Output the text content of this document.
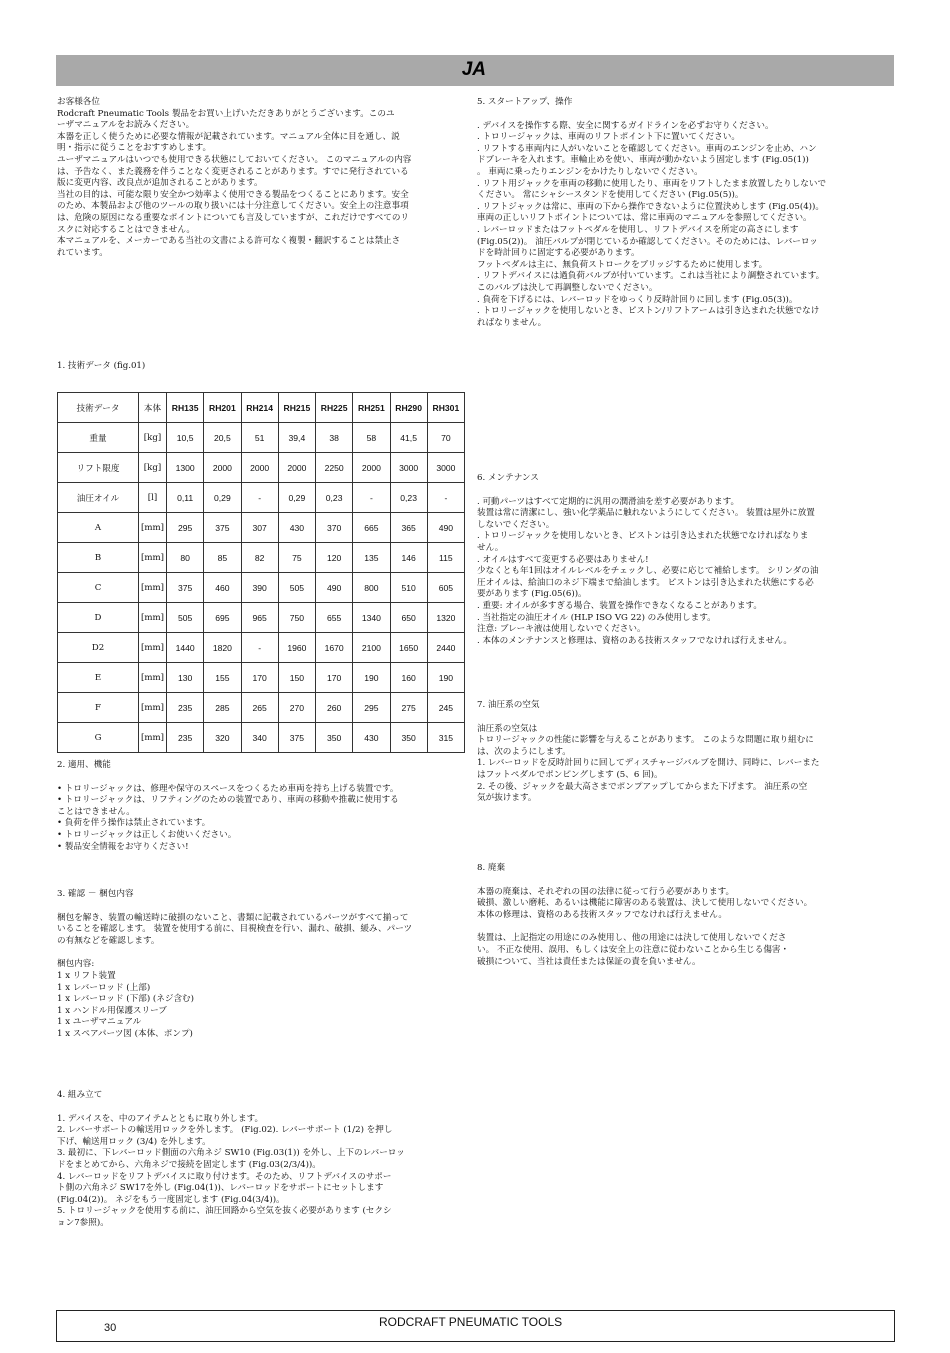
JA

お客様各位

Rodcraft Pneumatic Tools 製品をお買い上げいただきありがとうございます。このユ

ーザマニュアルをお読みください。

本器を正しく使うために必要な情報が記載されています。マニュアル全体に目を通し、説

明・指示に従うことをおすすめします。

ユーザマニュアルはいつでも使用できる状態にしておいてください。 このマニュアルの内容

は、予告なく、また義務を伴うことなく変更されることがあります。すでに発行されている

版に変更内容、改良点が追加されることがあります。

当社の目的は、可能な限り安全かつ効率よく使用できる製品をつくることにあります。安全

のため、本製品および他のツールの取り扱いには十分注意してください。安全上の注意事項

は、危険の原因になる重要なポイントについても言及していますが、これだけですべてのリ

スクに対応することはできません。

本マニュアルを、メーカーである当社の文書による許可なく複製・翻訳することは禁止さ

れています。

1. 技術データ (fig.01)

技術データ	本体	RH135	RH201	RH214	RH215	RH225	RH251	RH290	RH301
重量	[kg]	10,5	20,5	51	39,4	38	58	41,5	70
リフト限度	[kg]	1300	2000	2000	2000	2250	2000	3000	3000
油圧オイル	[l]	0,11	0,29	-	0,29	0,23	-	0,23	-
A	[mm]	295	375	307	430	370	665	365	490
B	[mm]	80	85	82	75	120	135	146	115
C	[mm]	375	460	390	505	490	800	510	605
D	[mm]	505	695	965	750	655	1340	650	1320
D2	[mm]	1440	1820	-	1960	1670	2100	1650	2440
E	[mm]	130	155	170	150	170	190	160	190
F	[mm]	235	285	265	270	260	295	275	245
G	[mm]	235	320	340	375	350	430	350	315

2. 適用、機能

• トロリージャックは、修理や保守のスペースをつくるため車両を持ち上げる装置です。

• トロリージャックは、リフティングのための装置であり、車両の移動や推載に使用する

ことはできません。

• 負荷を伴う操作は禁止されています。

• トロリージャックは正しくお使いください。

• 製品安全情報をお守りください!

3. 確認 － 梱包内容

梱包を解き、装置の輸送時に破損のないこと、書類に記載されているパーツがすべて揃って

いることを確認します。 装置を使用する前に、目視検査を行い、漏れ、破損、緩み、パーツ

の有無などを確認します。

梱包内容:

1 x リフト装置

1 x レバーロッド (上部)

1 x レバーロッド (下部) (ネジ含む)

1 x ハンドル用保護スリーブ

1 x ユーザマニュアル

1 x スペアパーツ図 (本体、ポンプ)

4. 組み立て

1. デバイスを、中のアイテムとともに取り外します。

2. レバーサポートの輸送用ロックを外します。 (Fig.02). レバーサポート (1/2) を押し

下げ、輸送用ロック (3/4) を外します。

3. 最初に、下レバーロッド側面の六角ネジ SW10 (Fig.03(1)) を外し、上下のレバーロッ

ドをまとめてから、六角ネジで接続を固定します (Fig.03(2/3/4))。

4. レバーロッドをリフトデバイスに取り付けます。そのため、リフトデバイスのサポー

ト側の六角ネジ SW17を外し (Fig.04(1))、レバーロッドをサポートにセットします

(Fig.04(2))。 ネジをもう一度固定します (Fig.04(3/4))。

5. トロリージャックを使用する前に、油圧回路から空気を抜く必要があります (セクシ

ョン7参照)。

5. スタートアップ、操作

. デバイスを操作する際、安全に関するガイドラインを必ずお守りください。

. トロリージャックは、車両のリフトポイント下に置いてください。

. リフトする車両内に人がいないことを確認してください。車両のエンジンを止め、ハン

ドブレーキを入れます。車輪止めを使い、車両が動かないよう固定します (Fig.05(1))

。 車両に乗ったりエンジンをかけたりしないでください。

. リフト用ジャックを車両の移動に使用したり、車両をリフトしたまま放置したりしないで

ください。 常にシャシースタンドを使用してください (Fig.05(5))。

. リフトジャックは常に、車両の下から操作できないように位置決めします (Fig.05(4))。

車両の正しいリフトポイントについては、常に車両のマニュアルを参照してください。

. レバーロッドまたはフットペダルを使用し、リフトデバイスを所定の高さにします

(Fig.05(2))。 油圧バルブが閉じているか確認してください。そのためには、レバーロッ

ドを時計回りに固定する必要があります。

フットペダルは主に、無負荷ストロークをブリッジするために使用します。

. リフトデバイスには過負荷バルブが付いています。これは当社により調整されています。

このバルブは決して再調整しないでください。

. 負荷を下げるには、レバーロッドをゆっくり反時計回りに回します (Fig.05(3))。

. トロリージャックを使用しないとき、ピストン/リフトアームは引き込まれた状態でなけ

ればなりません。

6. メンテナンス

. 可動パーツはすべて定期的に汎用の潤滑油を差す必要があります。

装置は常に清潔にし、強い化学薬品に触れないようにしてください。 装置は屋外に放置

しないでください。

. トロリージャックを使用しないとき、ピストンは引き込まれた状態でなければなりま

せん。

. オイルはすべて変更する必要はありません!

少なくとも年1回はオイルレベルをチェックし、必要に応じて補給します。 シリンダの油

圧オイルは、給油口のネジ下端まで給油します。 ピストンは引き込まれた状態にする必

要があります (Fig.05(6))。

. 重要: オイルが多すぎる場合、装置を操作できなくなることがあります。

. 当社指定の油圧オイル (HLP ISO VG 22) のみ使用します。

注意: ブレーキ液は使用しないでください。

. 本体のメンテナンスと修理は、資格のある技術スタッフでなければ行えません。

7. 油圧系の空気

油圧系の空気は

トロリージャックの性能に影響を与えることがあります。 このような問題に取り組むに

は、次のようにします。

1. レバーロッドを反時計回りに回してディスチャージバルブを開け、同時に、レバーまた

はフットペダルでポンピングします (5、6 回)。

2. その後、ジャックを最大高さまでポンプアップしてからまた下げます。 油圧系の空

気が抜けます。

8. 廃棄

本器の廃棄は、それぞれの国の法律に従って行う必要があります。

破損、激しい磨耗、あるいは機能に障害のある装置は、決して使用しないでください。

本体の修理は、資格のある技術スタッフでなければ行えません。

装置は、上記指定の用途にのみ使用し、他の用途には決して使用しないでくださ

い。 不正な使用、誤用、もしくは安全上の注意に従わないことから生じる傷害・

破損について、当社は責任または保証の責を負いません。

30	RODCRAFT PNEUMATIC TOOLS
